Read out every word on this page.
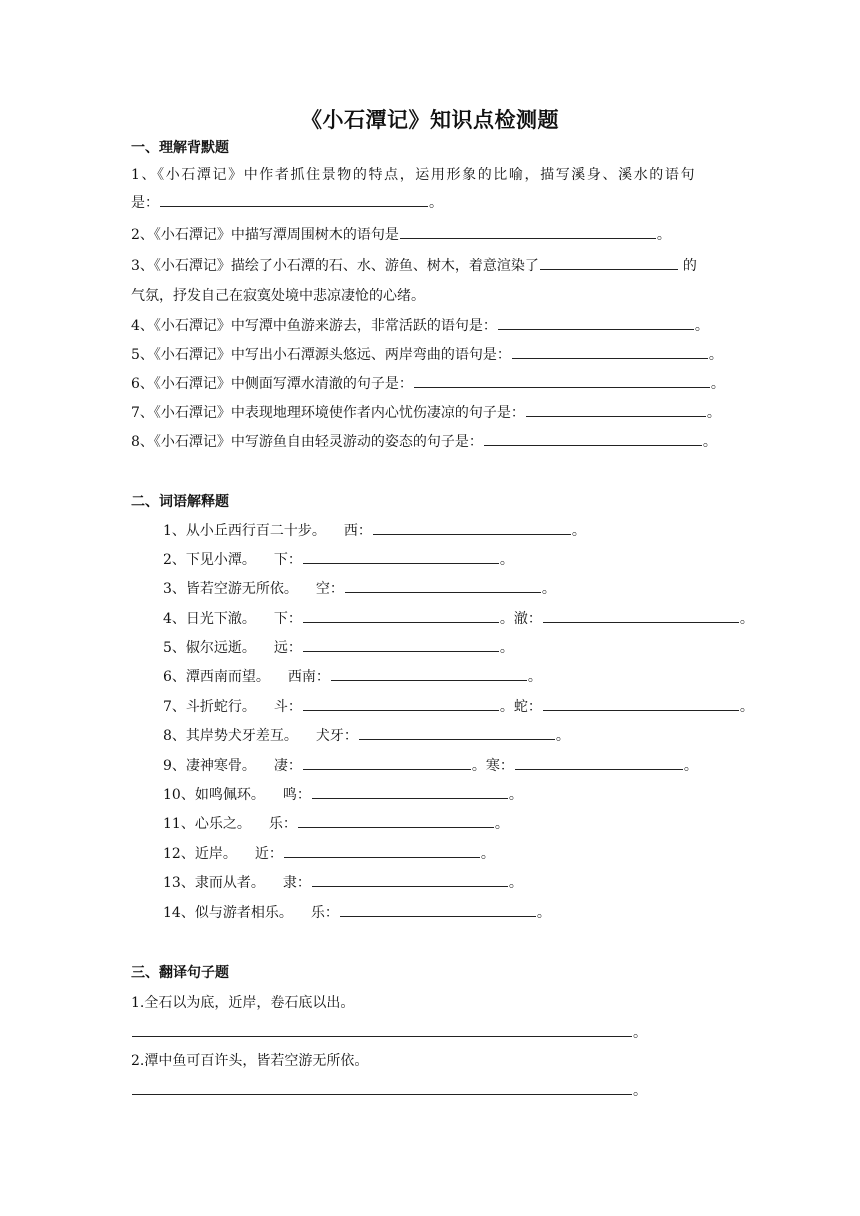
《小石潭记》知识点检测题
一、理解背默题
1、《小石潭记》中作者抓住景物的特点，运用形象的比喻，描写溪身、溪水的语句
是：	。
2、《小石潭记》中描写潭周围树木的语句是	。
3、《小石潭记》描绘了小石潭的石、水、游鱼、树木，着意渲染了	的
气氛，抒发自己在寂寞处境中悲凉凄怆的心绪。
4、《小石潭记》中写潭中鱼游来游去，非常活跃的语句是：	。
5、《小石潭记》中写出小石潭源头悠远、两岸弯曲的语句是：	。
6、《小石潭记》中侧面写潭水清澈的句子是：	。
7、《小石潭记》中表现地理环境使作者内心忧伤凄凉的句子是：	。
8、《小石潭记》中写游鱼自由轻灵游动的姿态的句子是：	。
二、词语解释题
1、从小丘西行百二十步。 西：	。
2、下见小潭。 下：	。
3、皆若空游无所依。 空：	。
4、日光下澈。 下：	。澈：	。
5、俶尔远逝。 远：	。
6、潭西南而望。 西南：	。
7、斗折蛇行。 斗：	。蛇：	。
8、其岸势犬牙差互。 犬牙：	。
9、凄神寒骨。 凄：	。寒：	。
10、如鸣佩环。 鸣：	。
11、心乐之。 乐：	。
12、近岸。 近：	。
13、隶而从者。 隶：	。
14、似与游者相乐。 乐：	。
三、翻译句子题
1.全石以为底，近岸，卷石底以出。
。
2.潭中鱼可百许头，皆若空游无所依。
。
